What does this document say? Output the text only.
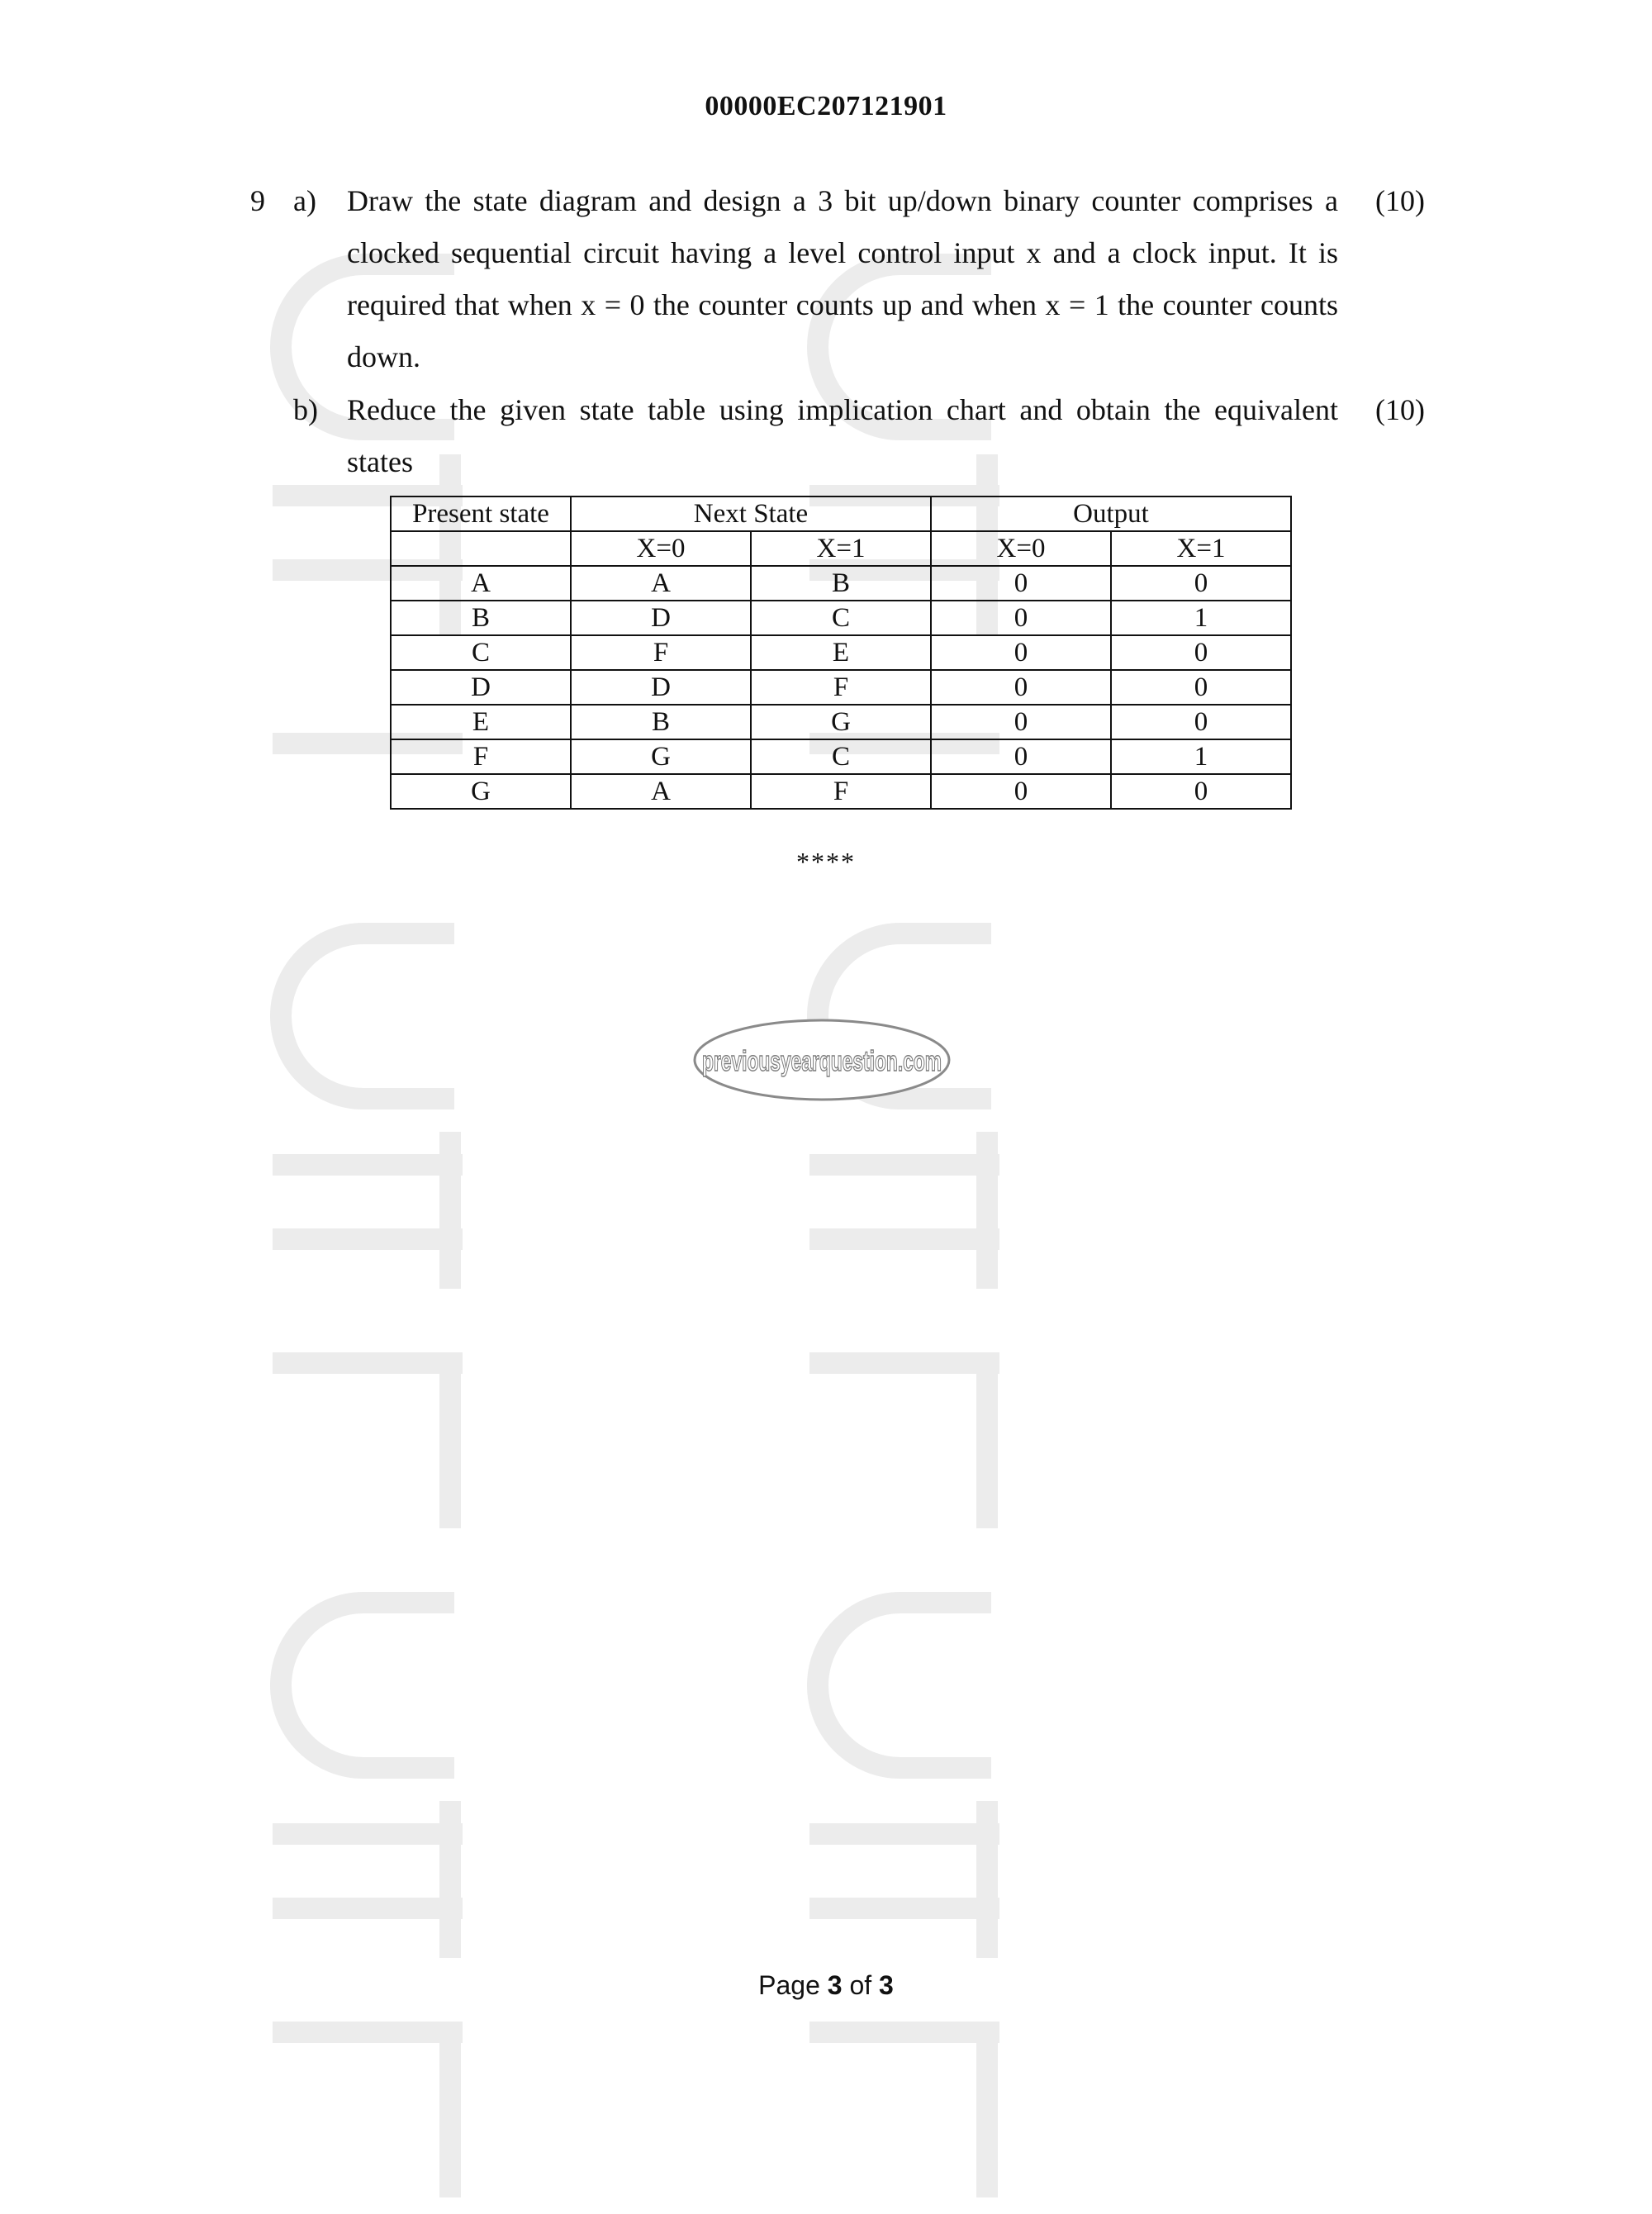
00000EC207121901
9 a) Draw the state diagram and design a 3 bit up/down binary counter comprises a
clocked sequential circuit having a level control input x and a clock input. It is
required that when x = 0 the counter counts up and when x = 1 the counter counts
down.
(10)
b) Reduce the given state table using implication chart and obtain the equivalent
states
(10)
Present state	Next State		Output	
	X=0	X=1	X=0	X=1
A	A	B	0	0
B	D	C	0	1
C	F	E	0	0
D	D	F	0	0
E	B	G	0	0
F	G	C	0	1
G	A	F	0	0
****
previousyearquestion.com
Page 3 of 3
